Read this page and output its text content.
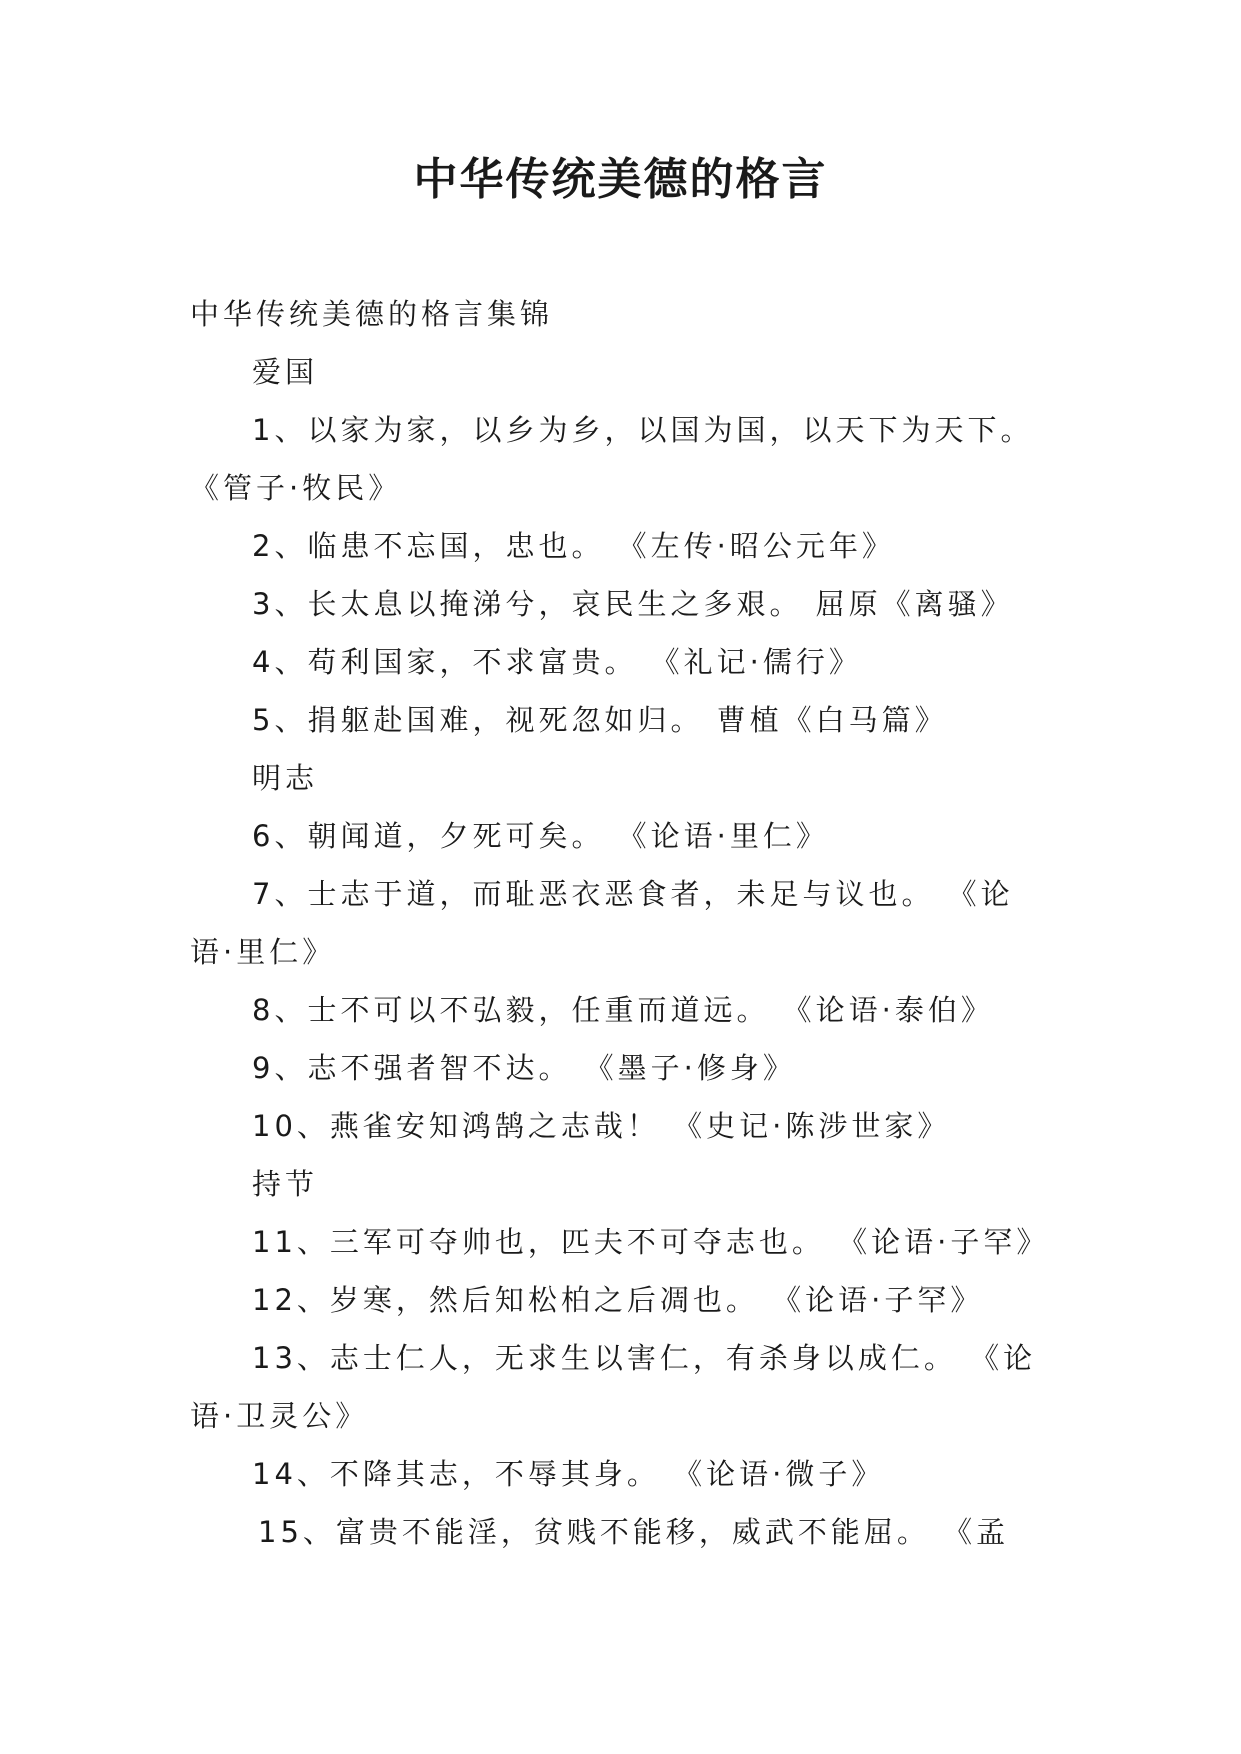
中华传统美德的格言
中华传统美德的格言集锦
爱国
1、以家为家，以乡为乡，以国为国，以天下为天下。
《管子·牧民》
2、临患不忘国，忠也。 《左传·昭公元年》
3、长太息以掩涕兮，哀民生之多艰。 屈原《离骚》
4、苟利国家，不求富贵。 《礼记·儒行》
5、捐躯赴国难，视死忽如归。 曹植《白马篇》
明志
6、朝闻道，夕死可矣。 《论语·里仁》
7、士志于道，而耻恶衣恶食者，未足与议也。 《论
语·里仁》
8、士不可以不弘毅，任重而道远。 《论语·泰伯》
9、志不强者智不达。 《墨子·修身》
10、燕雀安知鸿鹄之志哉！ 《史记·陈涉世家》
持节
11、三军可夺帅也，匹夫不可夺志也。 《论语·子罕》
12、岁寒，然后知松柏之后凋也。 《论语·子罕》
13、志士仁人，无求生以害仁，有杀身以成仁。 《论
语·卫灵公》
14、不降其志，不辱其身。 《论语·微子》
15、富贵不能淫，贫贱不能移，威武不能屈。 《孟
